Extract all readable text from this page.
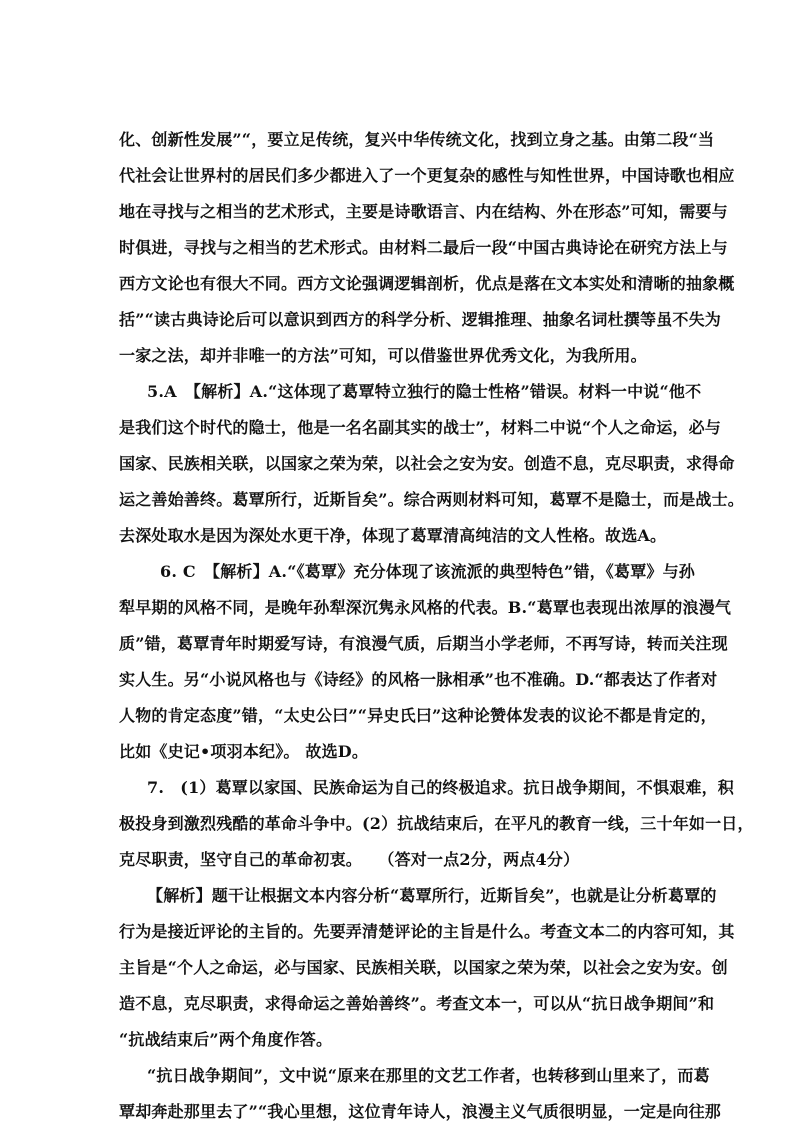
化、创新性发展”“，要立足传统，复兴中华传统文化，找到立身之基。由第二段“当
代社会让世界村的居民们多少都进入了一个更复杂的感性与知性世界，中国诗歌也相应
地在寻找与之相当的艺术形式，主要是诗歌语言、内在结构、外在形态”可知，需要与
时俱进，寻找与之相当的艺术形式。由材料二最后一段“中国古典诗论在研究方法上与
西方文论也有很大不同。西方文论强调逻辑剖析，优点是落在文本实处和清晰的抽象概
括”“读古典诗论后可以意识到西方的科学分析、逻辑推理、抽象名词杜撰等虽不失为
一家之法，却并非唯一的方法”可知，可以借鉴世界优秀文化，为我所用。
5.A　【解析】A.“这体现了葛覃特立独行的隐士性格”错误。材料一中说“他不
是我们这个时代的隐士，他是一名名副其实的战士”，材料二中说“个人之命运，必与
国家、民族相关联，以国家之荣为荣，以社会之安为安。创造不息，克尽职责，求得命
运之善始善终。葛覃所行，近斯旨矣”。综合两则材料可知，葛覃不是隐士，而是战士。
去深处取水是因为深处水更干净，体现了葛覃清高纯洁的文人性格。故选A。
6. C　【解析】A.“《葛覃》充分体现了该流派的典型特色”错，《葛覃》与孙
犁早期的风格不同，是晚年孙犁深沉隽永风格的代表。B.“葛覃也表现出浓厚的浪漫气
质”错，葛覃青年时期爱写诗，有浪漫气质，后期当小学老师，不再写诗，转而关注现
实人生。另“小说风格也与《诗经》的风格一脉相承”也不准确。D.“都表达了作者对
人物的肯定态度”错，“太史公曰”“异史氏曰”这种论赞体发表的议论不都是肯定的，
比如《史记•项羽本纪》。 故选D。
7.　(1）葛覃以家国、民族命运为自己的终极追求。抗日战争期间，不惧艰难，积
极投身到激烈残酷的革命斗争中。(2）抗战结束后，在平凡的教育一线，三十年如一日，
克尽职责，坚守自己的革命初衷。　　（答对一点2分，两点4分）
【解析】题干让根据文本内容分析“葛覃所行，近斯旨矣”，也就是让分析葛覃的
行为是接近评论的主旨的。先要弄清楚评论的主旨是什么。考查文本二的内容可知，其
主旨是“个人之命运，必与国家、民族相关联，以国家之荣为荣，以社会之安为安。创
造不息，克尽职责，求得命运之善始善终”。考查文本一，可以从“抗日战争期间”和
“抗战结束后”两个角度作答。
“抗日战争期间”，文中说“原来在那里的文艺工作者，也转移到山里来了，而葛
覃却奔赴那里去了”“我心里想，这位青年诗人，浪漫主义气质很明显，一定是向往那
